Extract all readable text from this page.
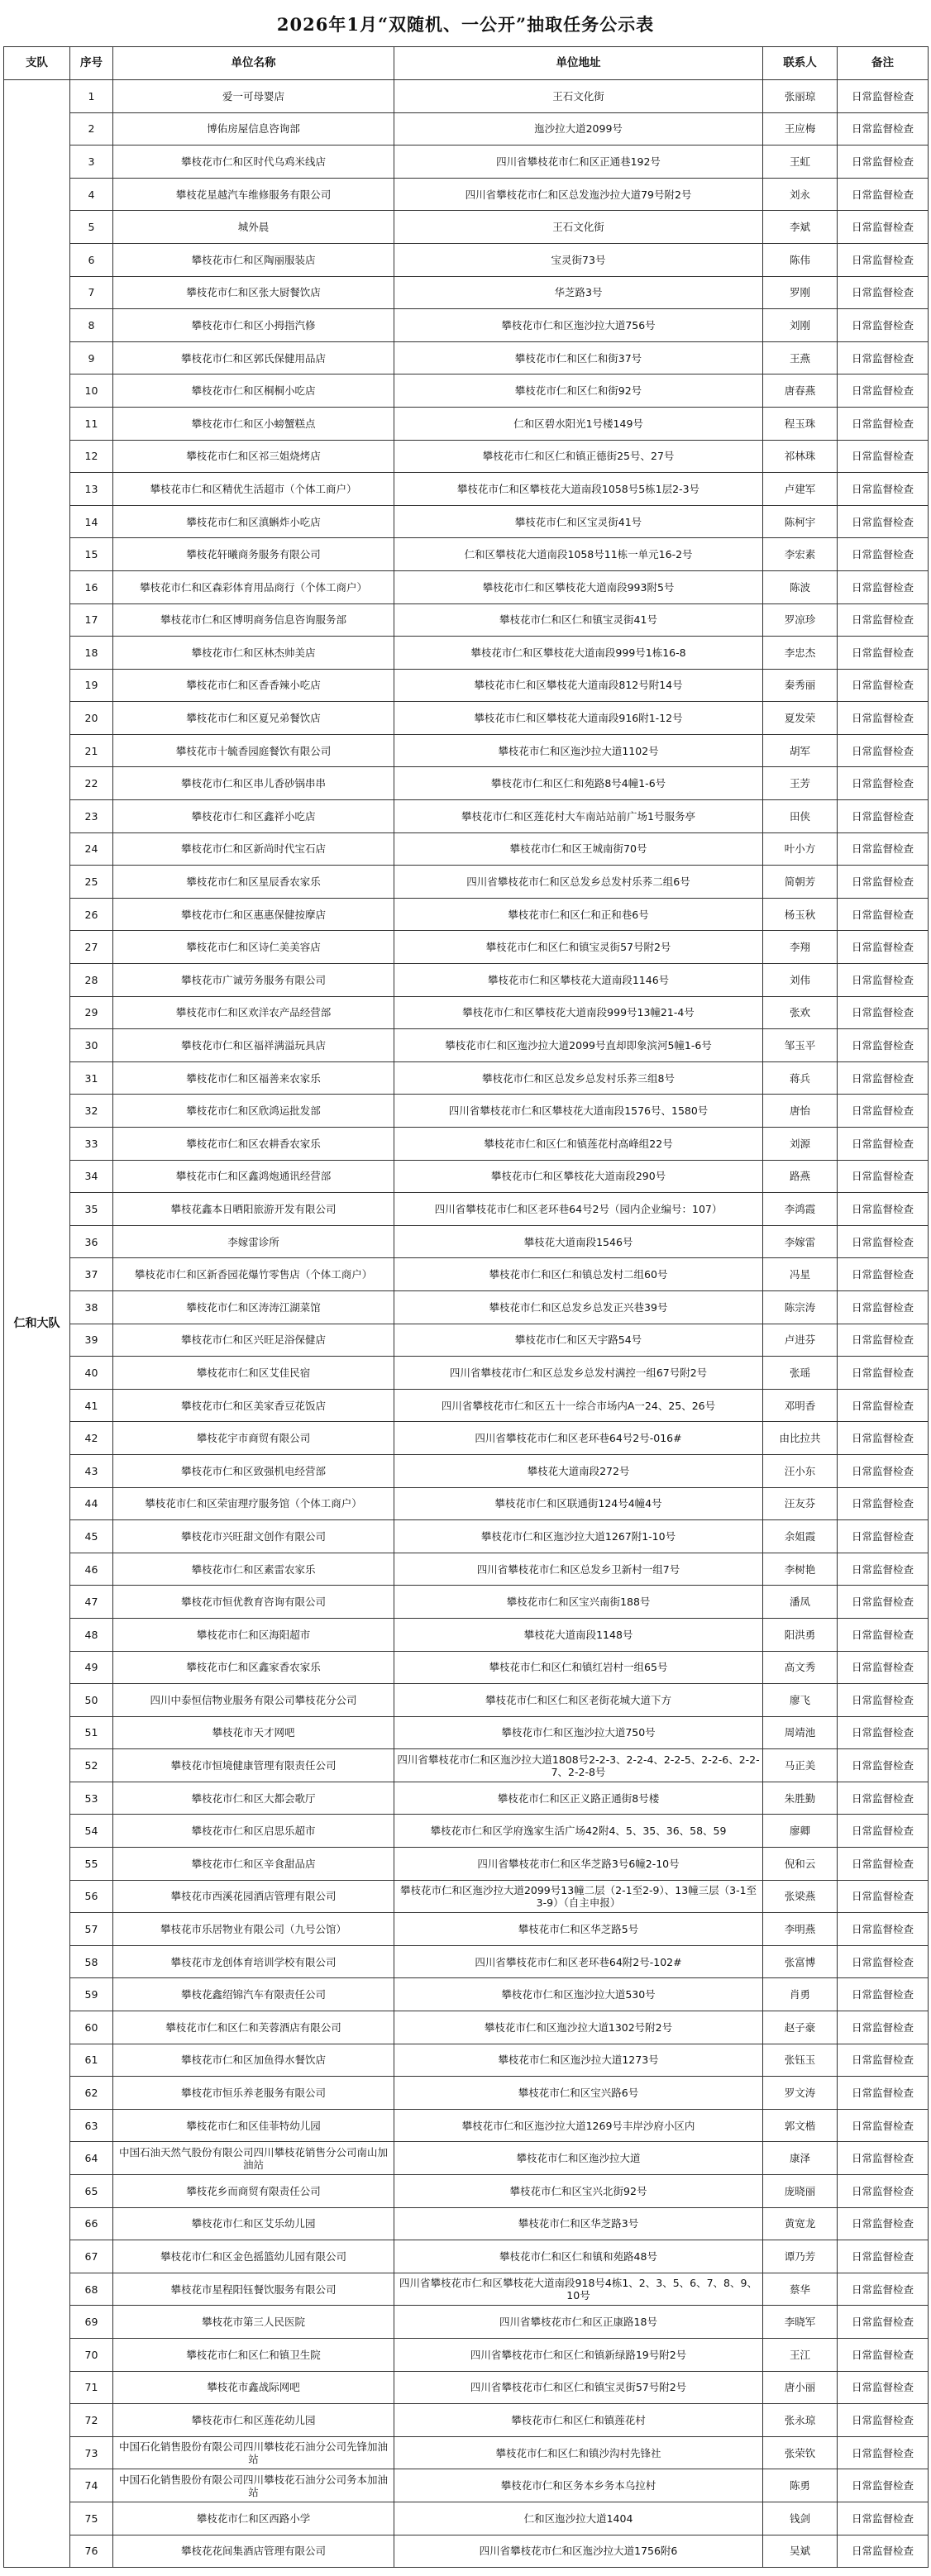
2026年1月“双随机、一公开”抽取任务公示表
支队	序号	单位名称	单位地址	联系人	备注
仁和大队	1	爱一可母婴店	王石文化街	张丽琼	日常监督检查
	2	博佑房屋信息咨询部	迤沙拉大道2099号	王应梅	日常监督检查
	3	攀枝花市仁和区时代乌鸡米线店	四川省攀枝花市仁和区正通巷192号	王虹	日常监督检查
	4	攀枝花星越汽车维修服务有限公司	四川省攀枝花市仁和区总发迤沙拉大道79号附2号	刘永	日常监督检查
	5	城外晨	王石文化街	李斌	日常监督检查
	6	攀枝花市仁和区陶丽服装店	宝灵街73号	陈伟	日常监督检查
	7	攀枝花市仁和区张大厨餐饮店	华芝路3号	罗刚	日常监督检查
	8	攀枝花市仁和区小拇指汽修	攀枝花市仁和区迤沙拉大道756号	刘刚	日常监督检查
	9	攀枝花市仁和区郭氏保健用品店	攀枝花市仁和区仁和街37号	王燕	日常监督检查
	10	攀枝花市仁和区桐桐小吃店	攀枝花市仁和区仁和街92号	唐春燕	日常监督检查
	11	攀枝花市仁和区小螃蟹糕点	仁和区碧水阳光1号楼149号	程玉珠	日常监督检查
	12	攀枝花市仁和区祁三姐烧烤店	攀枝花市仁和区仁和镇正德街25号、27号	祁林珠	日常监督检查
	13	攀枝花市仁和区精优生活超市（个体工商户）	攀枝花市仁和区攀枝花大道南段1058号5栋1层2-3号	卢建军	日常监督检查
	14	攀枝花市仁和区滇蝌炸小吃店	攀枝花市仁和区宝灵街41号	陈柯宇	日常监督检查
	15	攀枝花轩曦商务服务有限公司	仁和区攀枝花大道南段1058号11栋一单元16-2号	李宏素	日常监督检查
	16	攀枝花市仁和区森彩体育用品商行（个体工商户）	攀枝花市仁和区攀枝花大道南段993附5号	陈波	日常监督检查
	17	攀枝花市仁和区博明商务信息咨询服务部	攀枝花市仁和区仁和镇宝灵街41号	罗凉珍	日常监督检查
	18	攀枝花市仁和区林杰帅美店	攀枝花市仁和区攀枝花大道南段999号1栋16-8	李忠杰	日常监督检查
	19	攀枝花市仁和区香香辣小吃店	攀枝花市仁和区攀枝花大道南段812号附14号	秦秀丽	日常监督检查
	20	攀枝花市仁和区夏兄弟餐饮店	攀枝花市仁和区攀枝花大道南段916附1-12号	夏发荣	日常监督检查
	21	攀枝花市十毓香园庭餐饮有限公司	攀枝花市仁和区迤沙拉大道1102号	胡军	日常监督检查
	22	攀枝花市仁和区串儿香砂锅串串	攀枝花市仁和区仁和苑路8号4幢1-6号	王芳	日常监督检查
	23	攀枝花市仁和区鑫祥小吃店	攀枝花市仁和区莲花村大车南站站前广场1号服务亭	田侠	日常监督检查
	24	攀枝花市仁和区新尚时代宝石店	攀枝花市仁和区王城南街70号	叶小方	日常监督检查
	25	攀枝花市仁和区星辰香农家乐	四川省攀枝花市仁和区总发乡总发村乐荞二组6号	简朝芳	日常监督检查
	26	攀枝花市仁和区惠惠保健按摩店	攀枝花市仁和区仁和正和巷6号	杨玉秋	日常监督检查
	27	攀枝花市仁和区诗仁美美容店	攀枝花市仁和区仁和镇宝灵街57号附2号	李翔	日常监督检查
	28	攀枝花市广诚劳务服务有限公司	攀枝花市仁和区攀枝花大道南段1146号	刘伟	日常监督检查
	29	攀枝花市仁和区欢洋农产品经营部	攀枝花市仁和区攀枝花大道南段999号13幢21-4号	张欢	日常监督检查
	30	攀枝花市仁和区福祥满溢玩具店	攀枝花市仁和区迤沙拉大道2099号直却即象滨河5幢1-6号	邹玉平	日常监督检查
	31	攀枝花市仁和区福善来农家乐	攀枝花市仁和区总发乡总发村乐荞三组8号	蒋兵	日常监督检查
	32	攀枝花市仁和区欣鸿运批发部	四川省攀枝花市仁和区攀枝花大道南段1576号、1580号	唐怡	日常监督检查
	33	攀枝花市仁和区农耕香农家乐	攀枝花市仁和区仁和镇莲花村高峰组22号	刘源	日常监督检查
	34	攀枝花市仁和区鑫鸿炮通讯经营部	攀枝花市仁和区攀枝花大道南段290号	路燕	日常监督检查
	35	攀枝花鑫本日晒阳旅游开发有限公司	四川省攀枝花市仁和区老环巷64号2号（园内企业编号：107）	李鸿霞	日常监督检查
	36	李嫁雷诊所	攀枝花大道南段1546号	李嫁雷	日常监督检查
	37	攀枝花市仁和区新香园花爆竹零售店（个体工商户）	攀枝花市仁和区仁和镇总发村二组60号	冯星	日常监督检查
	38	攀枝花市仁和区涛涛江湖菜馆	攀枝花市仁和区总发乡总发正兴巷39号	陈宗涛	日常监督检查
	39	攀枝花市仁和区兴旺足浴保健店	攀枝花市仁和区天宇路54号	卢进芬	日常监督检查
	40	攀枝花市仁和区艾佳民宿	四川省攀枝花市仁和区总发乡总发村满控一组67号附2号	张瑶	日常监督检查
	41	攀枝花市仁和区美家香豆花饭店	四川省攀枝花市仁和区五十一综合市场内A一24、25、26号	邓明香	日常监督检查
	42	攀枝花宇市商贸有限公司	四川省攀枝花市仁和区老环巷64号2号-016#	由比拉共	日常监督检查
	43	攀枝花市仁和区致强机电经营部	攀枝花大道南段272号	汪小东	日常监督检查
	44	攀枝花市仁和区荣宙理疗服务馆（个体工商户）	攀枝花市仁和区联通街124号4幢4号	汪友芬	日常监督检查
	45	攀枝花市兴旺甜文创作有限公司	攀枝花市仁和区迤沙拉大道1267附1-10号	余姐霞	日常监督检查
	46	攀枝花市仁和区素雷农家乐	四川省攀枝花市仁和区总发乡卫新村一组7号	李树艳	日常监督检查
	47	攀枝花市恒优教育咨询有限公司	攀枝花市仁和区宝兴南街188号	潘凤	日常监督检查
	48	攀枝花市仁和区海阳超市	攀枝花大道南段1148号	阳洪勇	日常监督检查
	49	攀枝花市仁和区鑫家香农家乐	攀枝花市仁和区仁和镇红岩村一组65号	高文秀	日常监督检查
	50	四川中泰恒信物业服务有限公司攀枝花分公司	攀枝花市仁和区仁和区老街花城大道下方	廖飞	日常监督检查
	51	攀枝花市天才网吧	攀枝花市仁和区迤沙拉大道750号	周靖池	日常监督检查
	52	攀枝花市恒境健康管理有限责任公司	四川省攀枝花市仁和区迤沙拉大道1808号2-2-3、2-2-4、2-2-5、2-2-6、2-2-7、2-2-8号	马正美	日常监督检查
	53	攀枝花市仁和区大都会歌厅	攀枝花市仁和区正义路正通街8号楼	朱胜勤	日常监督检查
	54	攀枝花市仁和区启思乐超市	攀枝花市仁和区学府逸家生活广场42附4、5、35、36、58、59	廖卿	日常监督检查
	55	攀枝花市仁和区辛食甜品店	四川省攀枝花市仁和区华芝路3号6幢2-10号	倪和云	日常监督检查
	56	攀枝花市西溪花园酒店管理有限公司	攀枝花市仁和区迤沙拉大道2099号13幢二层（2-1至2-9）、13幢三层（3-1至3-9）（自主申报）	张梁燕	日常监督检查
	57	攀枝花市乐居物业有限公司（九号公馆）	攀枝花市仁和区华芝路5号	李明燕	日常监督检查
	58	攀枝花市龙创体育培训学校有限公司	四川省攀枝花市仁和区老环巷64附2号-102#	张富博	日常监督检查
	59	攀枝花鑫绍锦汽车有限责任公司	攀枝花市仁和区迤沙拉大道530号	肖勇	日常监督检查
	60	攀枝花市仁和区仁和芙蓉酒店有限公司	攀枝花市仁和区迤沙拉大道1302号附2号	赵子豪	日常监督检查
	61	攀枝花市仁和区加鱼得水餐饮店	攀枝花市仁和区迤沙拉大道1273号	张钰玉	日常监督检查
	62	攀枝花市恒乐养老服务有限公司	攀枝花市仁和区宝兴路6号	罗文涛	日常监督检查
	63	攀枝花市仁和区佳菲特幼儿园	攀枝花市仁和区迤沙拉大道1269号丰岸沙府小区内	郭文楷	日常监督检查
	64	中国石油天然气股份有限公司四川攀枝花销售分公司南山加油站	攀枝花市仁和区迤沙拉大道	康泽	日常监督检查
	65	攀枝花乡而商贸有限责任公司	攀枝花市仁和区宝兴北街92号	庞晓丽	日常监督检查
	66	攀枝花市仁和区艾乐幼儿园	攀枝花市仁和区华芝路3号	黄宽龙	日常监督检查
	67	攀枝花市仁和区金色摇篮幼儿园有限公司	攀枝花市仁和区仁和镇和苑路48号	谭乃芳	日常监督检查
	68	攀枝花市星程阳钰餐饮服务有限公司	四川省攀枝花市仁和区攀枝花大道南段918号4栋1、2、3、5、6、7、8、9、10号	蔡华	日常监督检查
	69	攀枝花市第三人民医院	四川省攀枝花市仁和区正康路18号	李晓军	日常监督检查
	70	攀枝花市仁和区仁和镇卫生院	四川省攀枝花市仁和区仁和镇新绿路19号附2号	王江	日常监督检查
	71	攀枝花市鑫战际网吧	四川省攀枝花市仁和区仁和镇宝灵街57号附2号	唐小丽	日常监督检查
	72	攀枝花市仁和区莲花幼儿园	攀枝花市仁和区仁和镇莲花村	张永琼	日常监督检查
	73	中国石化销售股份有限公司四川攀枝花石油分公司先锋加油站	攀枝花市仁和区仁和镇沙沟村先锋社	张荣钦	日常监督检查
	74	中国石化销售股份有限公司四川攀枝花石油分公司务本加油站	攀枝花市仁和区务本乡务本乌拉村	陈勇	日常监督检查
	75	攀枝花市仁和区西路小学	仁和区迤沙拉大道1404	钱剑	日常监督检查
	76	攀枝花花间集酒店管理有限公司	四川省攀枝花市仁和区迤沙拉大道1756附6	吴斌	日常监督检查
